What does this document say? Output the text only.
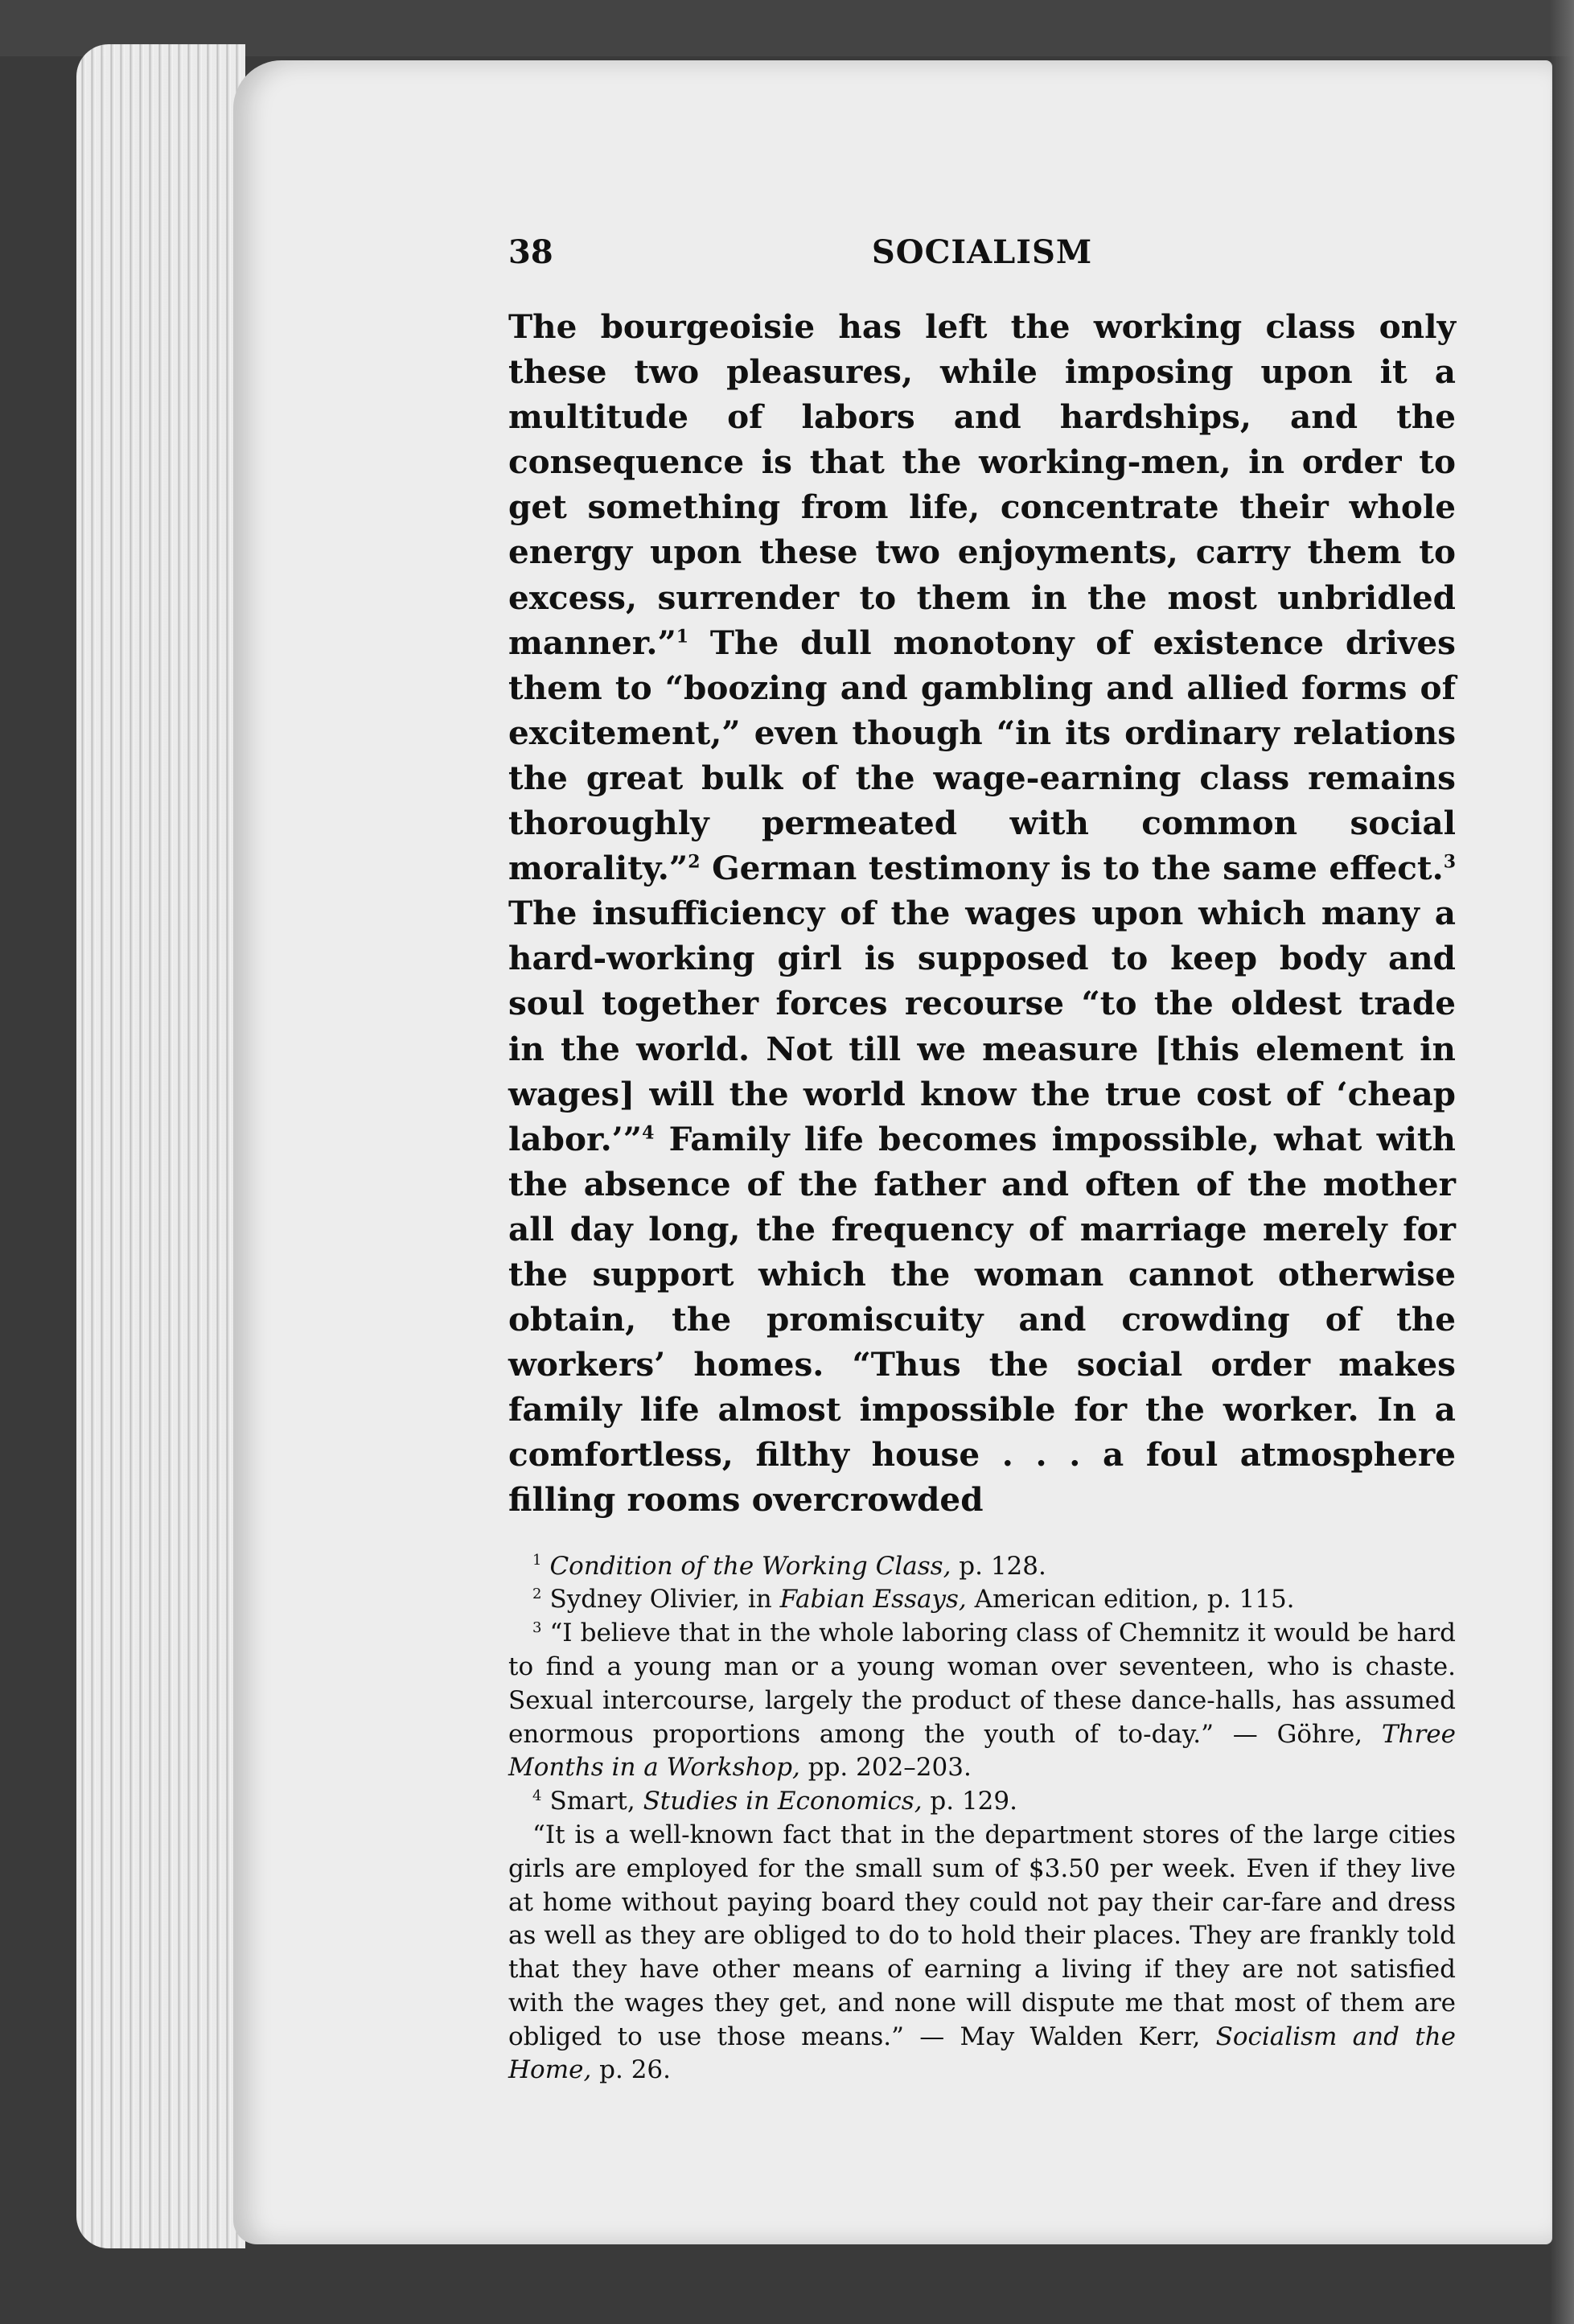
38	SOCIALISM

The bourgeoisie has left the working class only these two pleasures, while imposing upon it a multitude of labors and hardships, and the consequence is that the working-men, in order to get something from life, concentrate their whole energy upon these two enjoyments, carry them to excess, surrender to them in the most unbridled manner.”$^1$ The dull monotony of existence drives them to “boozing and gambling and allied forms of excitement,” even though “in its ordinary relations the great bulk of the wage-earning class remains thoroughly permeated with common social morality.”$^2$ German testimony is to the same effect.$^3$ The insufficiency of the wages upon which many a hard-working girl is supposed to keep body and soul together forces recourse “to the oldest trade in the world. Not till we measure [this element in wages] will the world know the true cost of ‘cheap labor.’”$^4$ Family life becomes impossible, what with the absence of the father and often of the mother all day long, the frequency of marriage merely for the support which the woman cannot otherwise obtain, the promiscuity and crowding of the workers’ homes. “Thus the social order makes family life almost impossible for the worker. In a comfortless, filthy house . . . a foul atmosphere filling rooms overcrowded

$^1$ Condition of the Working Class, p. 128.

$^2$ Sydney Olivier, in Fabian Essays, American edition, p. 115.

$^3$ “I believe that in the whole laboring class of Chemnitz it would be hard to find a young man or a young woman over seventeen, who is chaste. Sexual intercourse, largely the product of these dance-halls, has assumed enormous proportions among the youth of to-day.” — Göhre, Three Months in a Workshop, pp. 202–203.

$^4$ Smart, Studies in Economics, p. 129.

“It is a well-known fact that in the department stores of the large cities girls are employed for the small sum of $3.50 per week. Even if they live at home without paying board they could not pay their car-fare and dress as well as they are obliged to do to hold their places. They are frankly told that they have other means of earning a living if they are not satisfied with the wages they get, and none will dispute me that most of them are obliged to use those means.” — May Walden Kerr, Socialism and the Home, p. 26.
